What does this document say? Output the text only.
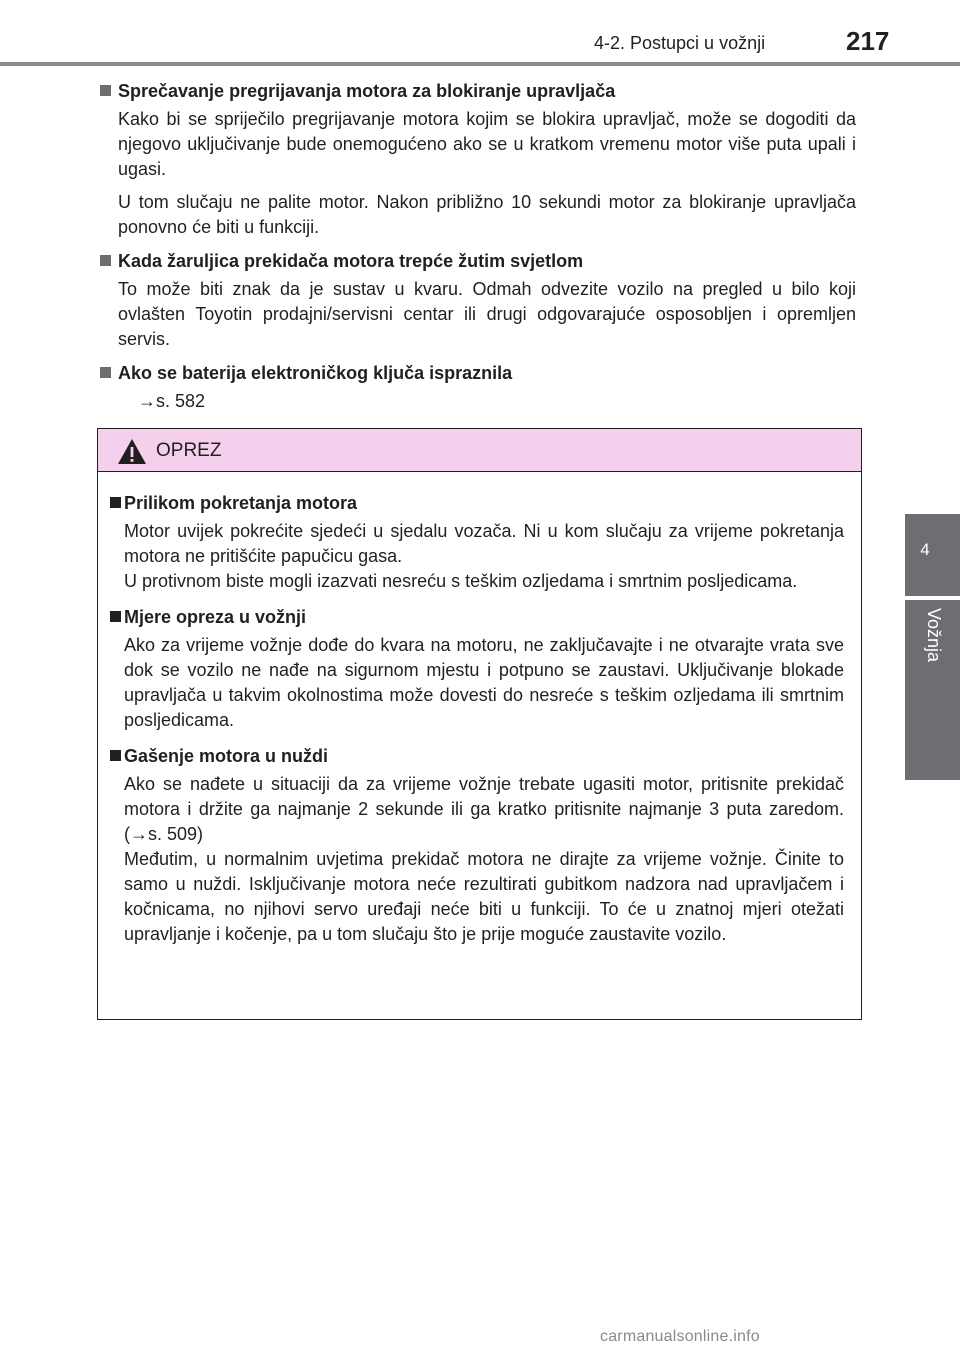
4-2. Postupci u vožnji	217
4
Vožnja
Sprečavanje pregrijavanja motora za blokiranje upravljača

Kako bi se spriječilo pregrijavanje motora kojim se blokira upravljač, može se dogoditi da njegovo uključivanje bude onemogućeno ako se u kratkom vremenu motor više puta upali i ugasi.

U tom slučaju ne palite motor. Nakon približno 10 sekundi motor za blokiranje upravljača ponovno će biti u funkciji.

Kada žaruljica prekidača motora trepće žutim svjetlom

To može biti znak da je sustav u kvaru. Odmah odvezite vozilo na pregled u bilo koji ovlašten Toyotin prodajni/servisni centar ili drugi odgovarajuće osposobljen i opremljen servis.

Ako se baterija elektroničkog ključa ispraznila

→s. 582

OPREZ
Prilikom pokretanja motora

Motor uvijek pokrećite sjedeći u sjedalu vozača. Ni u kom slučaju za vrijeme pokretanja motora ne pritišćite papučicu gasa.

U protivnom biste mogli izazvati nesreću s teškim ozljedama i smrtnim posljedicama.

Mjere opreza u vožnji

Ako za vrijeme vožnje dođe do kvara na motoru, ne zaključavajte i ne otvarajte vrata sve dok se vozilo ne nađe na sigurnom mjestu i potpuno se zaustavi. Uključivanje blokade upravljača u takvim okolnostima može dovesti do nesreće s teškim ozljedama ili smrtnim posljedicama.

Gašenje motora u nuždi

Ako se nađete u situaciji da za vrijeme vožnje trebate ugasiti motor, pritisnite prekidač motora i držite ga najmanje 2 sekunde ili ga kratko pritisnite najmanje 3 puta zaredom. (→s. 509)

Međutim, u normalnim uvjetima prekidač motora ne dirajte za vrijeme vožnje. Činite to samo u nuždi. Isključivanje motora neće rezultirati gubitkom nadzora nad upravljačem i kočnicama, no njihovi servo uređaji neće biti u funkciji. To će u znatnoj mjeri otežati upravljanje i kočenje, pa u tom slučaju što je prije moguće zaustavite vozilo.

carmanualsonline.info
